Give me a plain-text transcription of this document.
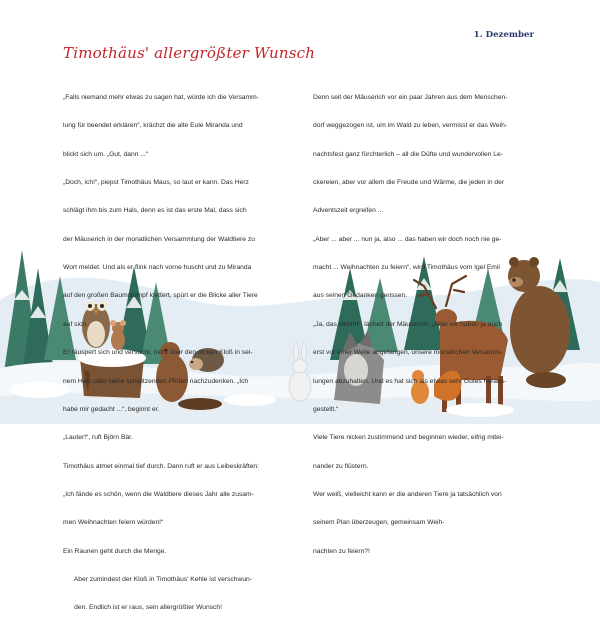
1. Dezember
Timothäus' allergrößter Wunsch

„Falls niemand mehr etwas zu sagen hat, würde ich die Versamm-

lung für beendet erklären“, krächzt die alte Eule Miranda und

blickt sich um. „Gut, dann ...“

„Doch, ich!“, piepst Timothäus Maus, so laut er kann. Das Herz

schlägt ihm bis zum Hals, denn es ist das erste Mal, dass sich

der Mäuserich in der monatlichen Versammlung der Waldtiere zu

Wort meldet. Und als er flink nach vorne huscht und zu Miranda

auf den großen Baumstumpf klettert, spürt er die Blicke aller Tiere

auf sich.

Er räuspert sich und versucht, nicht über den dicken Kloß in sei-

nem Hals oder seine schwitzenden Pfoten nachzudenken. „Ich

habe mir gedacht ...“, beginnt er.

„Lauter!“, ruft Björn Bär.

Timothäus atmet einmal tief durch. Dann ruft er aus Leibeskräften:

„Ich fände es schön, wenn die Waldtiere dieses Jahr alle zusam-

men Weihnachten feiern würden!“

Ein Raunen geht durch die Menge.

Aber zumindest der Kloß in Timothäus' Kehle ist verschwun-

den. Endlich ist er raus, sein allergrößter Wunsch!

Denn seit der Mäuserich vor ein paar Jahren aus dem Menschen-

dorf weggezogen ist, um im Wald zu leben, vermisst er das Weih-

nachtsfest ganz fürchterlich – all die Düfte und wundervollen Le-

ckereien, aber vor allem die Freude und Wärme, die jeden in der

Adventszeit ergreifen ...

„Aber ... aber ... nun ja, also ... das haben wir doch noch nie ge-

macht ... Weihnachten zu feiern“, wird Timothäus vom Igel Emil

aus seinen Gedanken gerissen.

„Ja, das stimmt“, lächelt der Mäuserich. „Aber wir haben ja auch

erst vor einer Weile angefangen, unsere monatlichen Versamm-

lungen abzuhalten. Und es hat sich als etwas sehr Gutes heraus-

gestellt.“

Viele Tiere nicken zustimmend und beginnen wieder, eifrig mitei-

nander zu flüstern.

Wer weiß, vielleicht kann er die anderen Tiere ja tatsächlich von

seinem Plan überzeugen, gemeinsam Weih-

nachten zu feiern?!
